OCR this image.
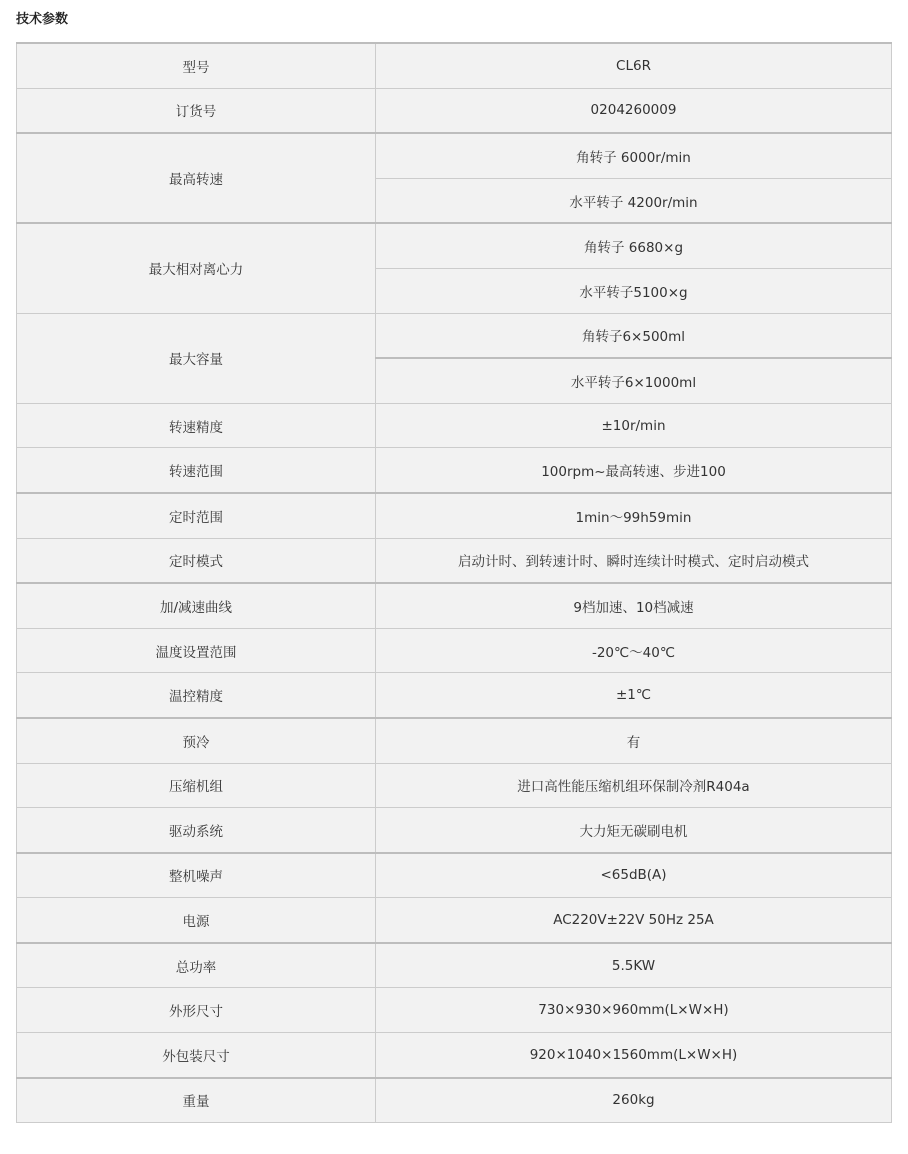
技术参数
型号	CL6R
订货号	0204260009
最高转速	角转子 6000r/min
	水平转子 4200r/min
最大相对离心力	角转子 6680×g
	水平转子5100×g
最大容量	角转子6×500ml
	水平转子6×1000ml
转速精度	±10r/min
转速范围	100rpm~最高转速、步进100
定时范围	1min～99h59min
定时模式	启动计时、到转速计时、瞬时连续计时模式、定时启动模式
加/减速曲线	9档加速、10档减速
温度设置范围	-20℃～40℃
温控精度	±1℃
预冷	有
压缩机组	进口高性能压缩机组环保制冷剂R404a
驱动系统	大力矩无碳刷电机
整机噪声	<65dB(A)
电源	AC220V±22V 50Hz 25A
总功率	5.5KW
外形尺寸	730×930×960mm(L×W×H)
外包装尺寸	920×1040×1560mm(L×W×H)
重量	260kg
